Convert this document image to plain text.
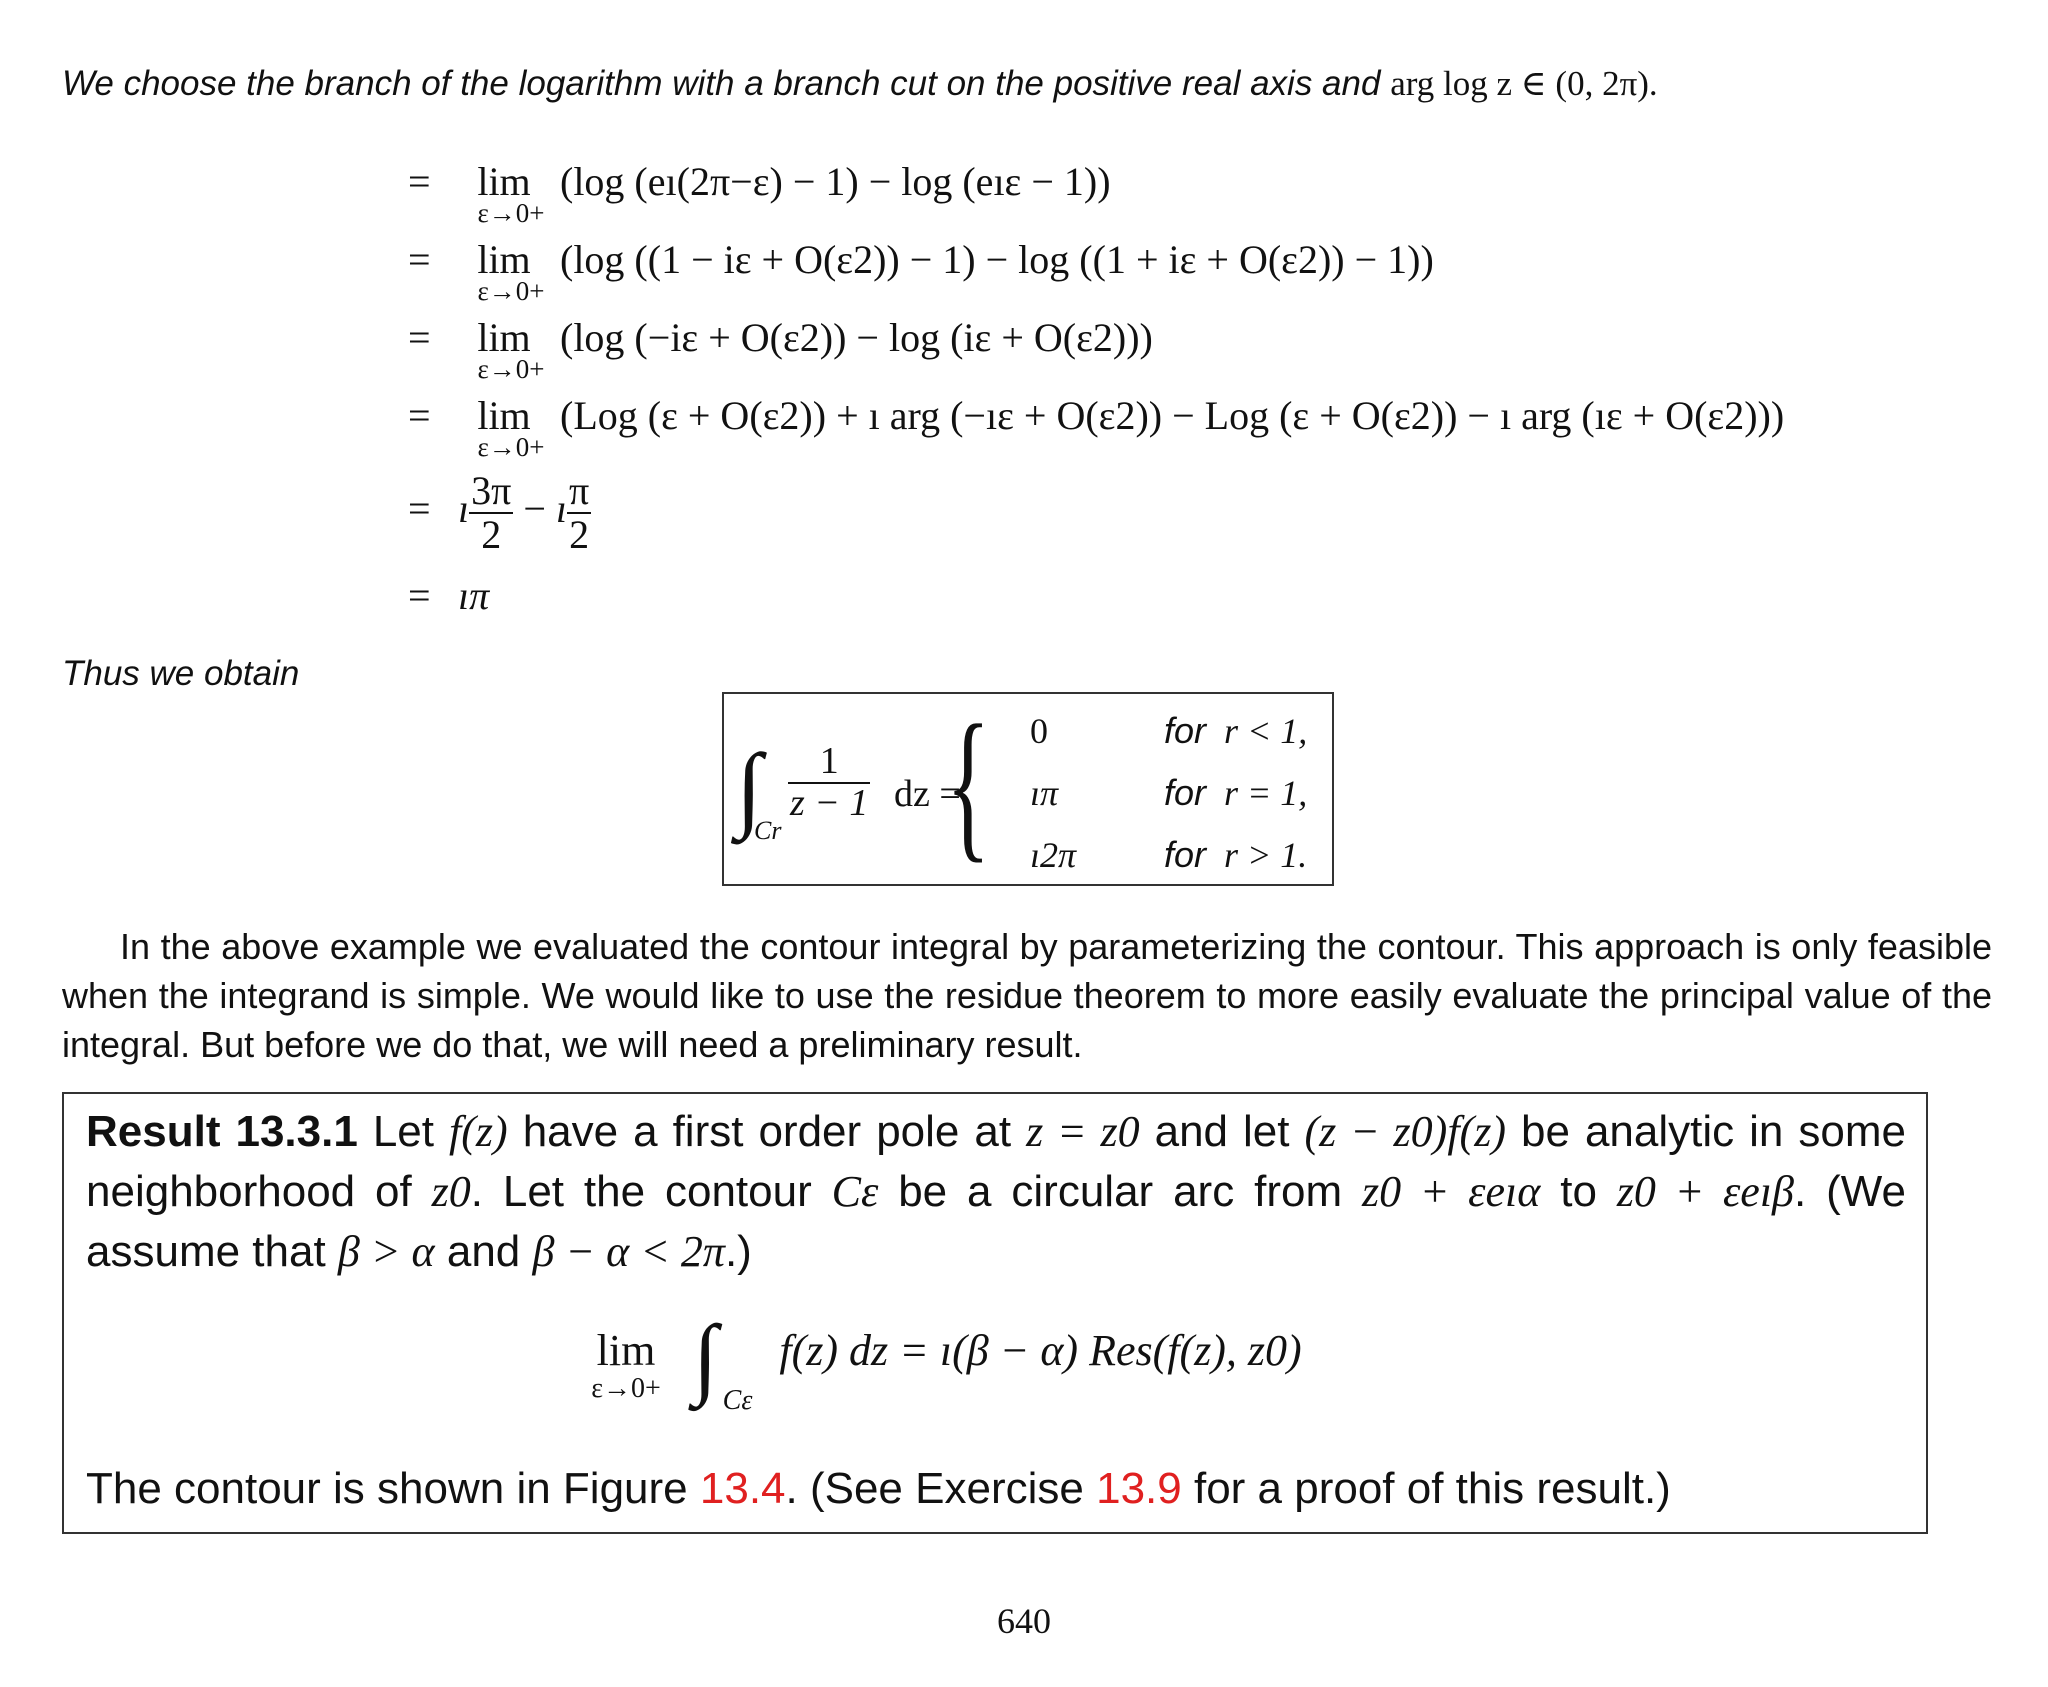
We choose the branch of the logarithm with a branch cut on the positive real axis and arg log z ∈ (0, 2π).
= lim
ε→0+
(log (eı(2π−ε) − 1) − log (eıε − 1))
= lim
ε→0+
(log ((1 − iε + O(ε2)) − 1) − log ((1 + iε + O(ε2)) − 1))
= lim
ε→0+
(log (−iε + O(ε2)) − log (iε + O(ε2)))
= lim
ε→0+
(Log (ε + O(ε2)) + ı arg (−ıε + O(ε2)) − Log (ε + O(ε2)) − ı arg (ıε + O(ε2)))
= ı $\frac{3\pi}{2}$ − ı $\frac{\pi}{2}$
= ıπ
Thus we obtain
∫
Cr
$\frac{1}{z - 1}$ dz =
{ 0	for r < 1,
ıπ	for r = 1,
ı2π for r > 1.

In the above example we evaluated the contour integral by parameterizing the contour. This approach is only feasible when the integrand is simple. We would like to use the residue theorem to more easily evaluate the principal value of the integral. But before we do that, we will need a preliminary result.

Result 13.3.1 Let f(z) have a first order pole at z = z0 and let (z − z0)f(z) be analytic in some neighborhood of z0. Let the contour Cε be a circular arc from z0 + εeıα to z0 + εeıβ. (We assume that β > α and β − α < 2π.)

lim
ε→0+ ∫ $_{C\varepsilon}$ f(z) dz = ı(β − α) Res(f(z), z0)
The contour is shown in Figure 13.4. (See Exercise 13.9 for a proof of this result.)
640
